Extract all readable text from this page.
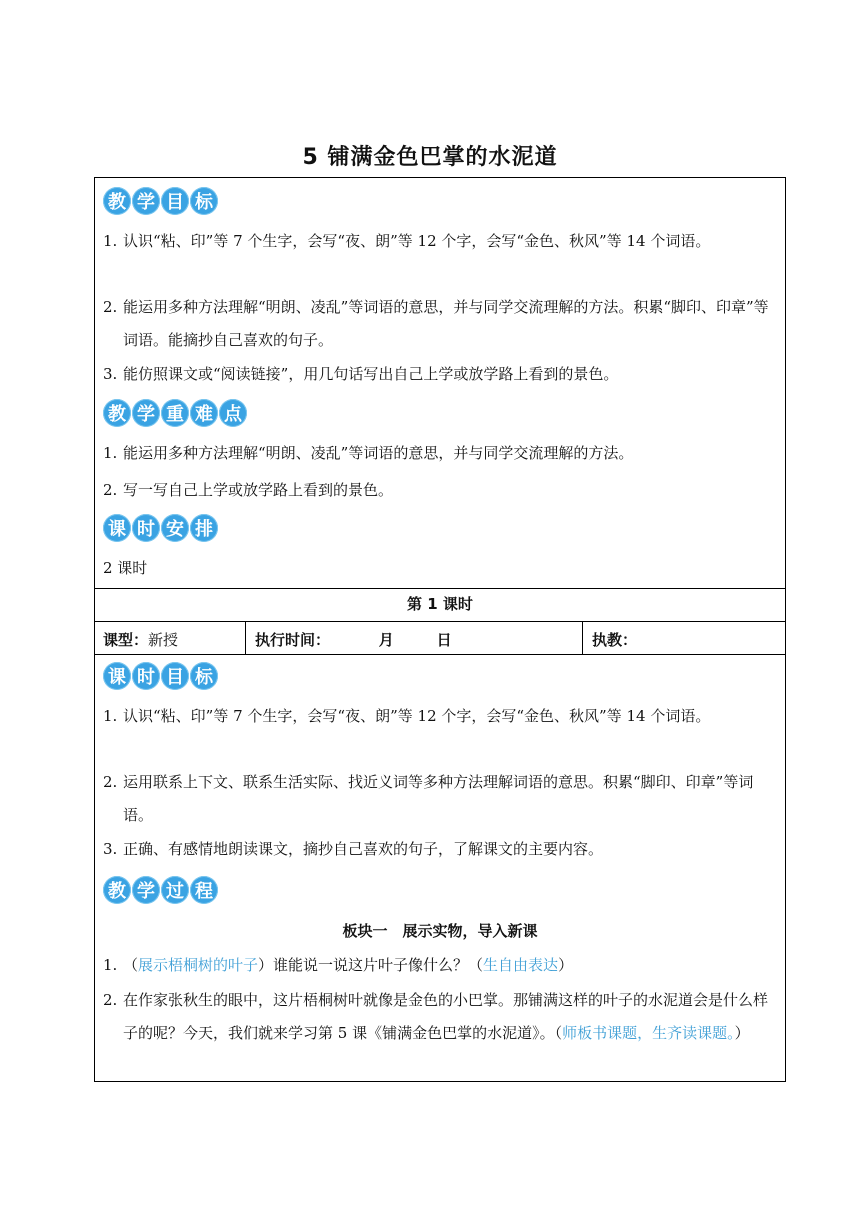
5 铺满金色巴掌的水泥道
教 学 目 标
1. 认识“粘、印”等 7 个生字，会写“夜、朗”等 12 个字，会写“金色、秋风”等 14 个词语。
2. 能运用多种方法理解“明朗、凌乱”等词语的意思，并与同学交流理解的方法。积累“脚印、印章”等词语。能摘抄自己喜欢的句子。
3. 能仿照课文或“阅读链接”，用几句话写出自己上学或放学路上看到的景色。
教 学 重 难 点
1. 能运用多种方法理解“明朗、凌乱”等词语的意思，并与同学交流理解的方法。
2. 写一写自己上学或放学路上看到的景色。
课 时 安 排
2 课时
第 1 课时
课型：新授	执行时间：	月	日	执教：
课 时 目 标
1. 认识“粘、印”等 7 个生字，会写“夜、朗”等 12 个字，会写“金色、秋风”等 14 个词语。
2. 运用联系上下文、联系生活实际、找近义词等多种方法理解词语的意思。积累“脚印、印章”等词语。
3. 正确、有感情地朗读课文，摘抄自己喜欢的句子，了解课文的主要内容。
教 学 过 程
板块一　展示实物，导入新课
1. （展示梧桐树的叶子）谁能说一说这片叶子像什么？（生自由表达）
2. 在作家张秋生的眼中，这片梧桐树叶就像是金色的小巴掌。那铺满这样的叶子的水泥道会是什么样子的呢？今天，我们就来学习第 5 课《铺满金色巴掌的水泥道》。（师板书课题，生齐读课题。）
